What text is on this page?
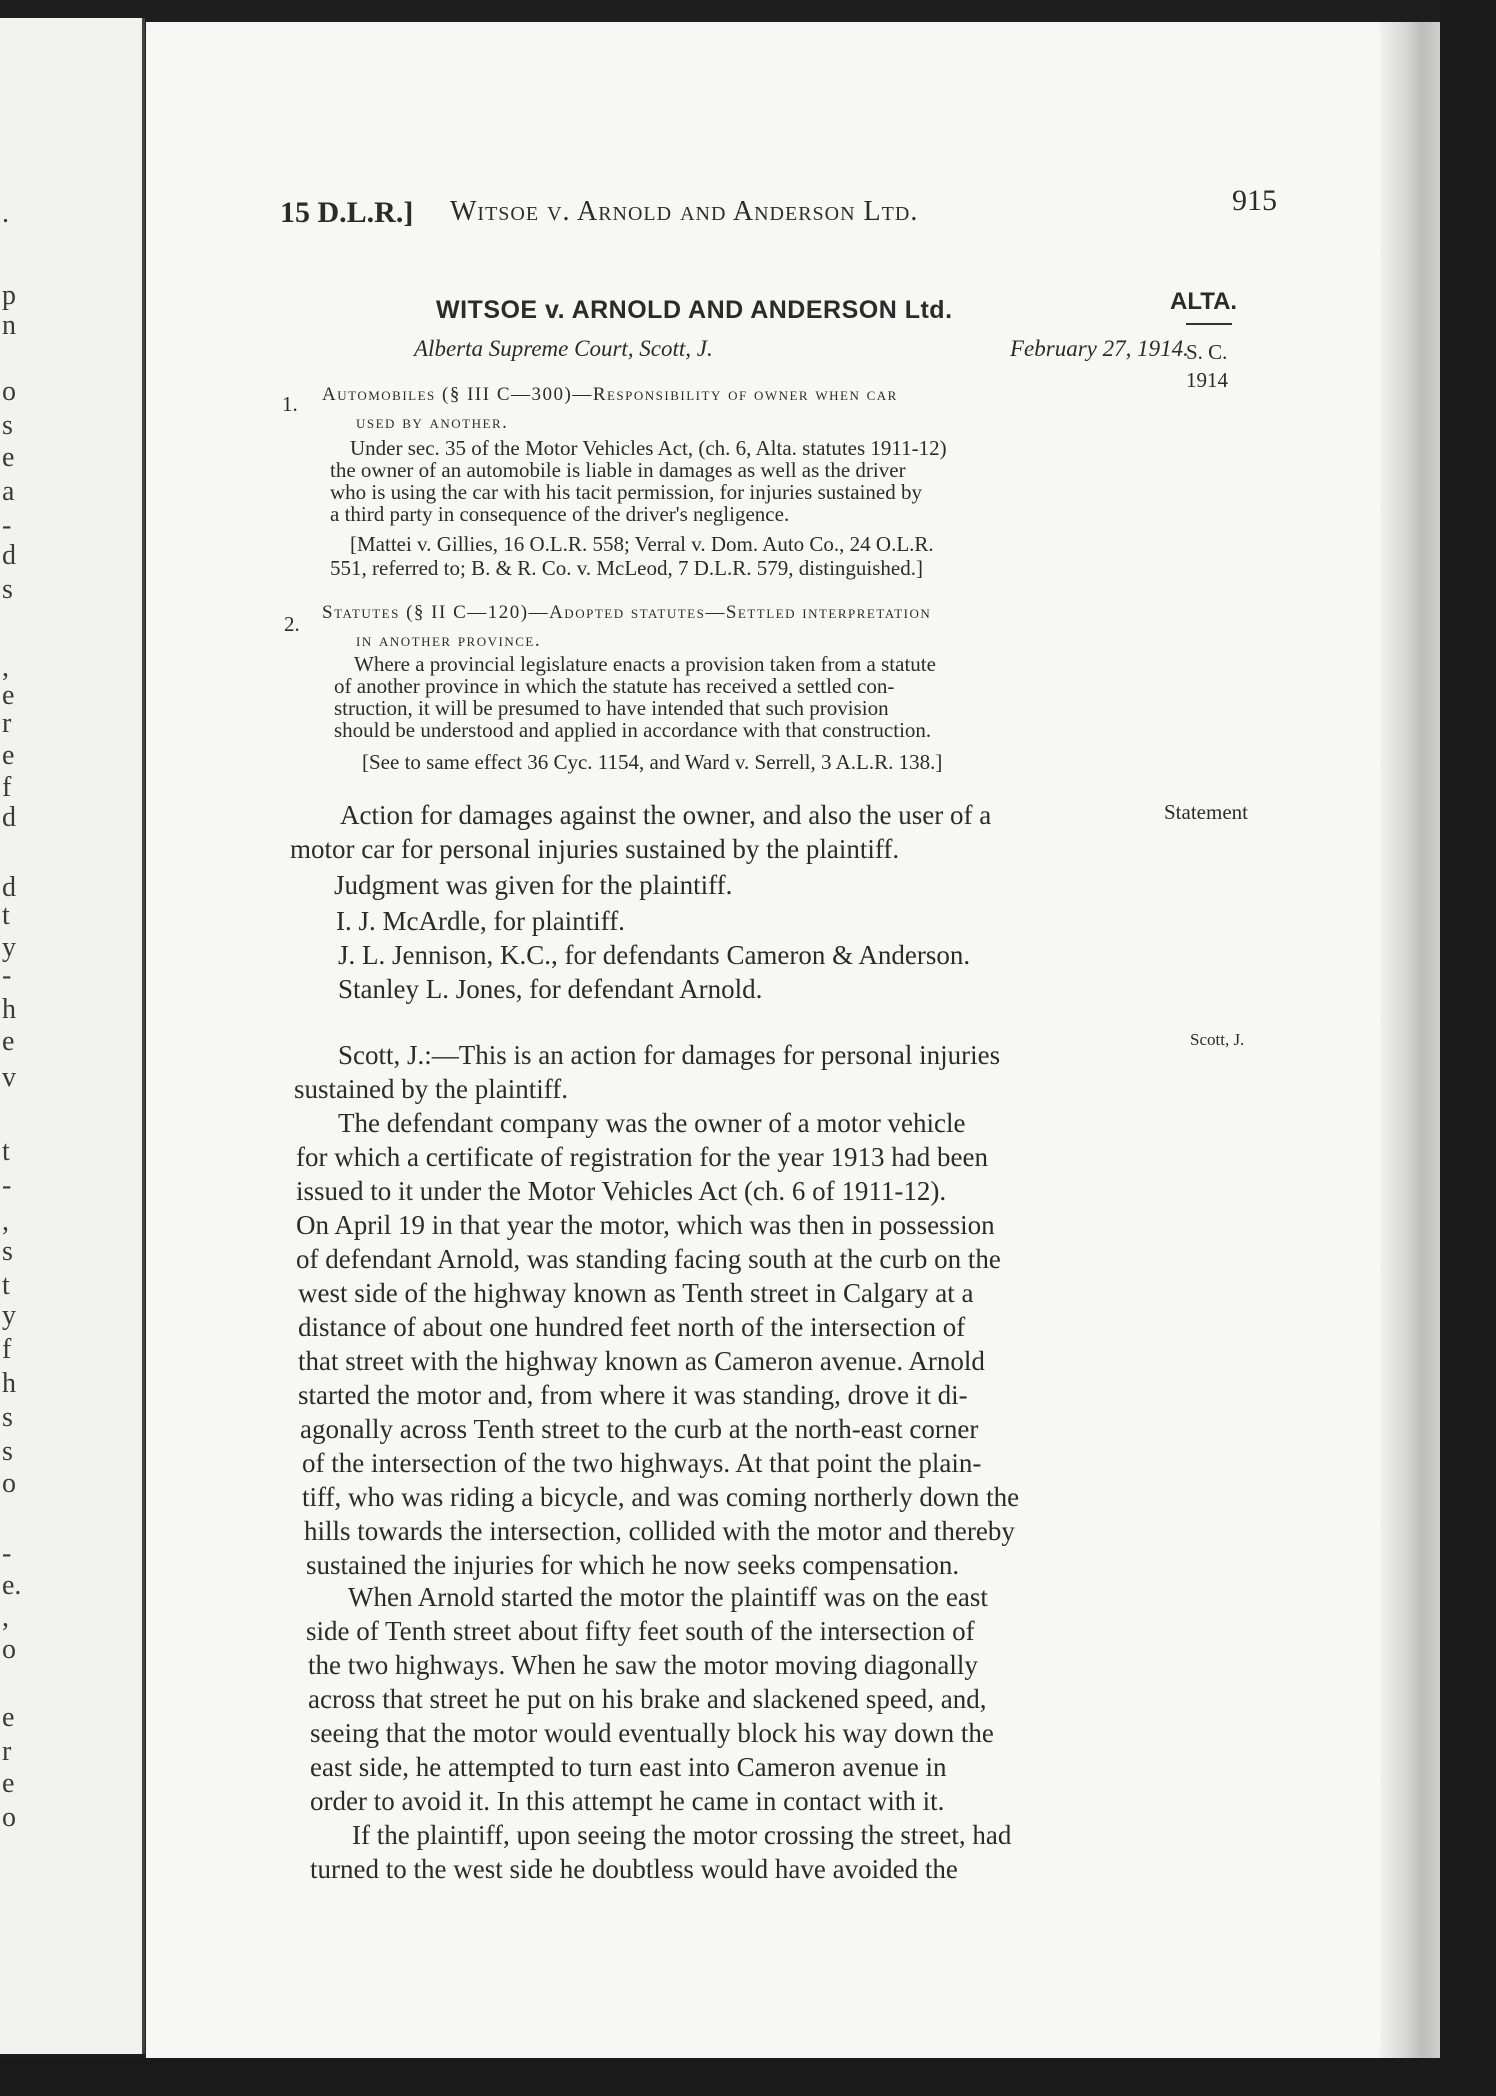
.
p
n
o
s
e
a
-
d
s
,
e
r
e
f
d
d
t
y
-
h
e
v
t
-
,
s
t
y
f
h
s
s
o
-
e.
,
o
e
r
e
o
15 D.L.R.] Witsoe v. Arnold and Anderson Ltd.	915
WITSOE v. ARNOLD AND ANDERSON Ltd.
Alberta Supreme Court, Scott, J.	February 27, 1914.
ALTA.
S. C.
1914
Statement
Scott, J.
1. Automobiles (§ III C—300)—Responsibility of owner when car
used by another.
Under sec. 35 of the Motor Vehicles Act, (ch. 6, Alta. statutes 1911-12)
the owner of an automobile is liable in damages as well as the driver
who is using the car with his tacit permission, for injuries sustained by
a third party in consequence of the driver's negligence.
[Mattei v. Gillies, 16 O.L.R. 558; Verral v. Dom. Auto Co., 24 O.L.R.
551, referred to; B. & R. Co. v. McLeod, 7 D.L.R. 579, distinguished.]
2. Statutes (§ II C—120)—Adopted statutes—Settled interpretation
in another province.
Where a provincial legislature enacts a provision taken from a statute
of another province in which the statute has received a settled con-
struction, it will be presumed to have intended that such provision
should be understood and applied in accordance with that construction.
[See to same effect 36 Cyc. 1154, and Ward v. Serrell, 3 A.L.R. 138.]
Action for damages against the owner, and also the user of a
motor car for personal injuries sustained by the plaintiff.
Judgment was given for the plaintiff.
I. J. McArdle, for plaintiff.
J. L. Jennison, K.C., for defendants Cameron & Anderson.
Stanley L. Jones, for defendant Arnold.
Scott, J.:—This is an action for damages for personal injuries
sustained by the plaintiff.
The defendant company was the owner of a motor vehicle
for which a certificate of registration for the year 1913 had been
issued to it under the Motor Vehicles Act (ch. 6 of 1911-12).
On April 19 in that year the motor, which was then in possession
of defendant Arnold, was standing facing south at the curb on the
west side of the highway known as Tenth street in Calgary at a
distance of about one hundred feet north of the intersection of
that street with the highway known as Cameron avenue. Arnold
started the motor and, from where it was standing, drove it di-
agonally across Tenth street to the curb at the north-east corner
of the intersection of the two highways. At that point the plain-
tiff, who was riding a bicycle, and was coming northerly down the
hills towards the intersection, collided with the motor and thereby
sustained the injuries for which he now seeks compensation.
When Arnold started the motor the plaintiff was on the east
side of Tenth street about fifty feet south of the intersection of
the two highways. When he saw the motor moving diagonally
across that street he put on his brake and slackened speed, and,
seeing that the motor would eventually block his way down the
east side, he attempted to turn east into Cameron avenue in
order to avoid it. In this attempt he came in contact with it.
If the plaintiff, upon seeing the motor crossing the street, had
turned to the west side he doubtless would have avoided the
